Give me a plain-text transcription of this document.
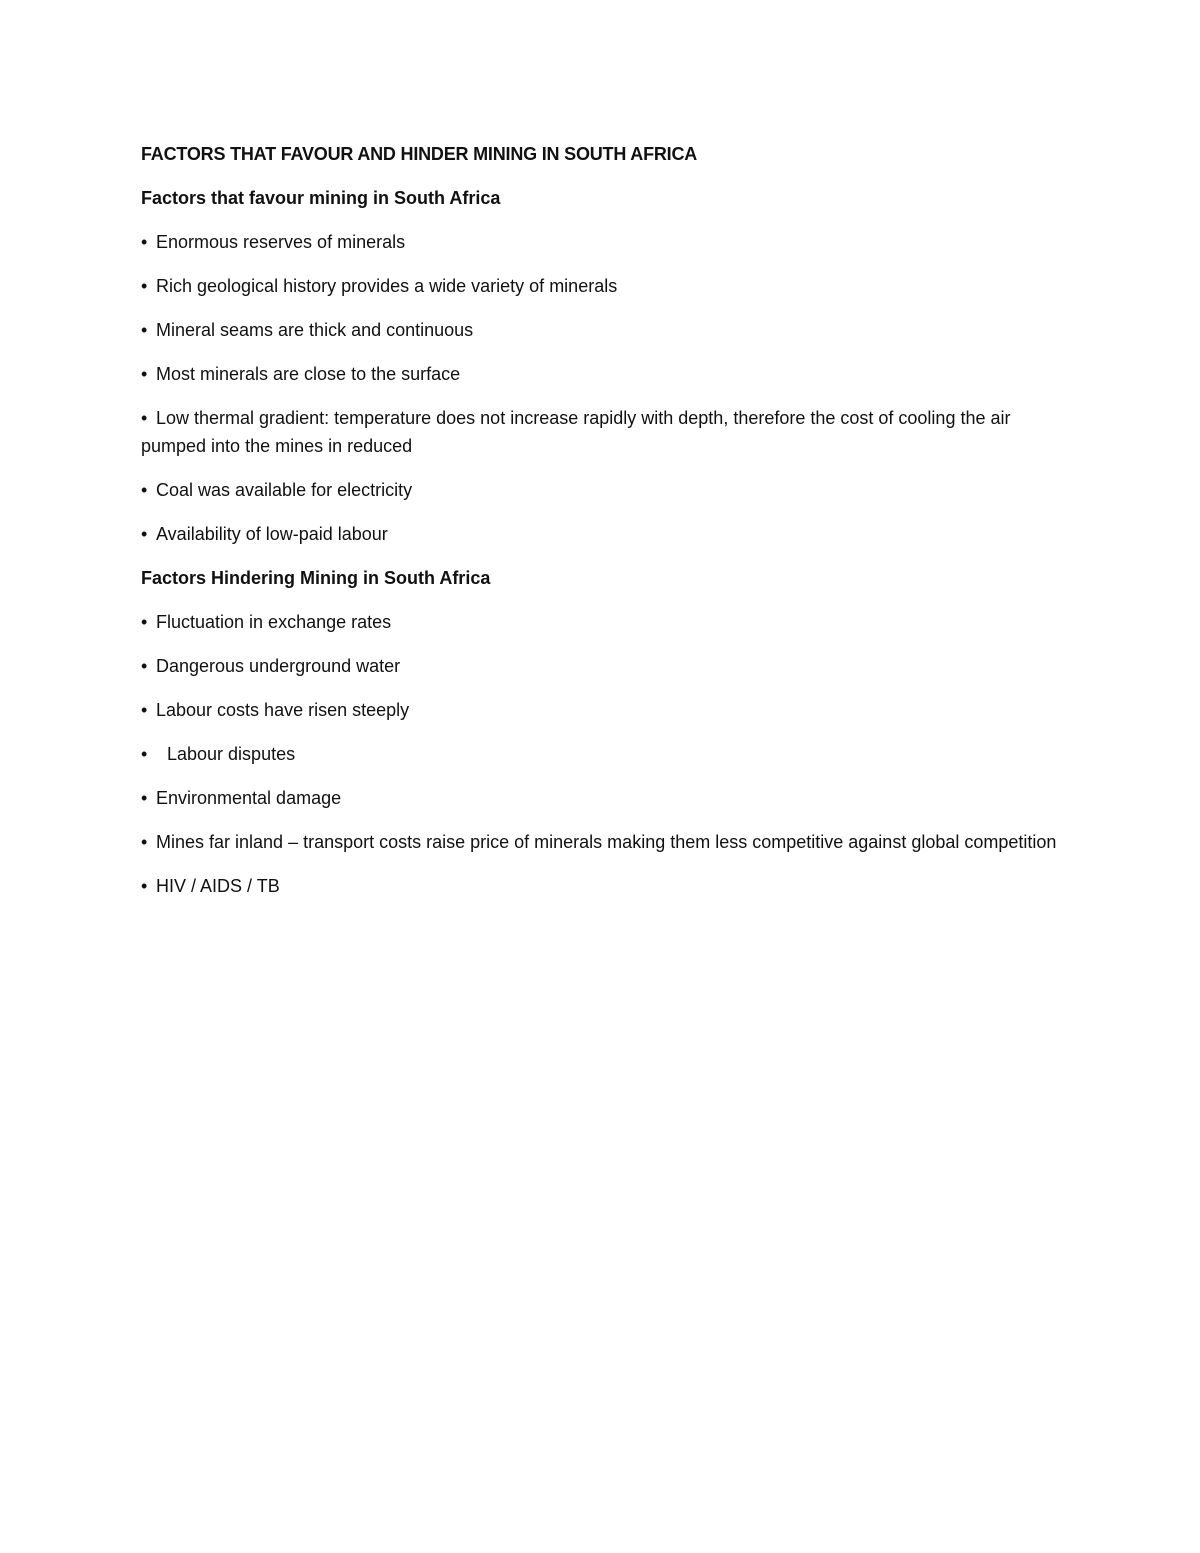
FACTORS THAT FAVOUR AND HINDER MINING IN SOUTH AFRICA
Factors that favour mining in South Africa
• Enormous reserves of minerals
• Rich geological history provides a wide variety of minerals
• Mineral seams are thick and continuous
• Most minerals are close to the surface
• Low thermal gradient: temperature does not increase rapidly with depth, therefore the cost of cooling the air pumped into the mines in reduced
• Coal was available for electricity
• Availability of low-paid labour
Factors Hindering Mining in South Africa
• Fluctuation in exchange rates
• Dangerous underground water
• Labour costs have risen steeply
•	Labour disputes
• Environmental damage
• Mines far inland – transport costs raise price of minerals making them less competitive against global competition
• HIV / AIDS / TB
